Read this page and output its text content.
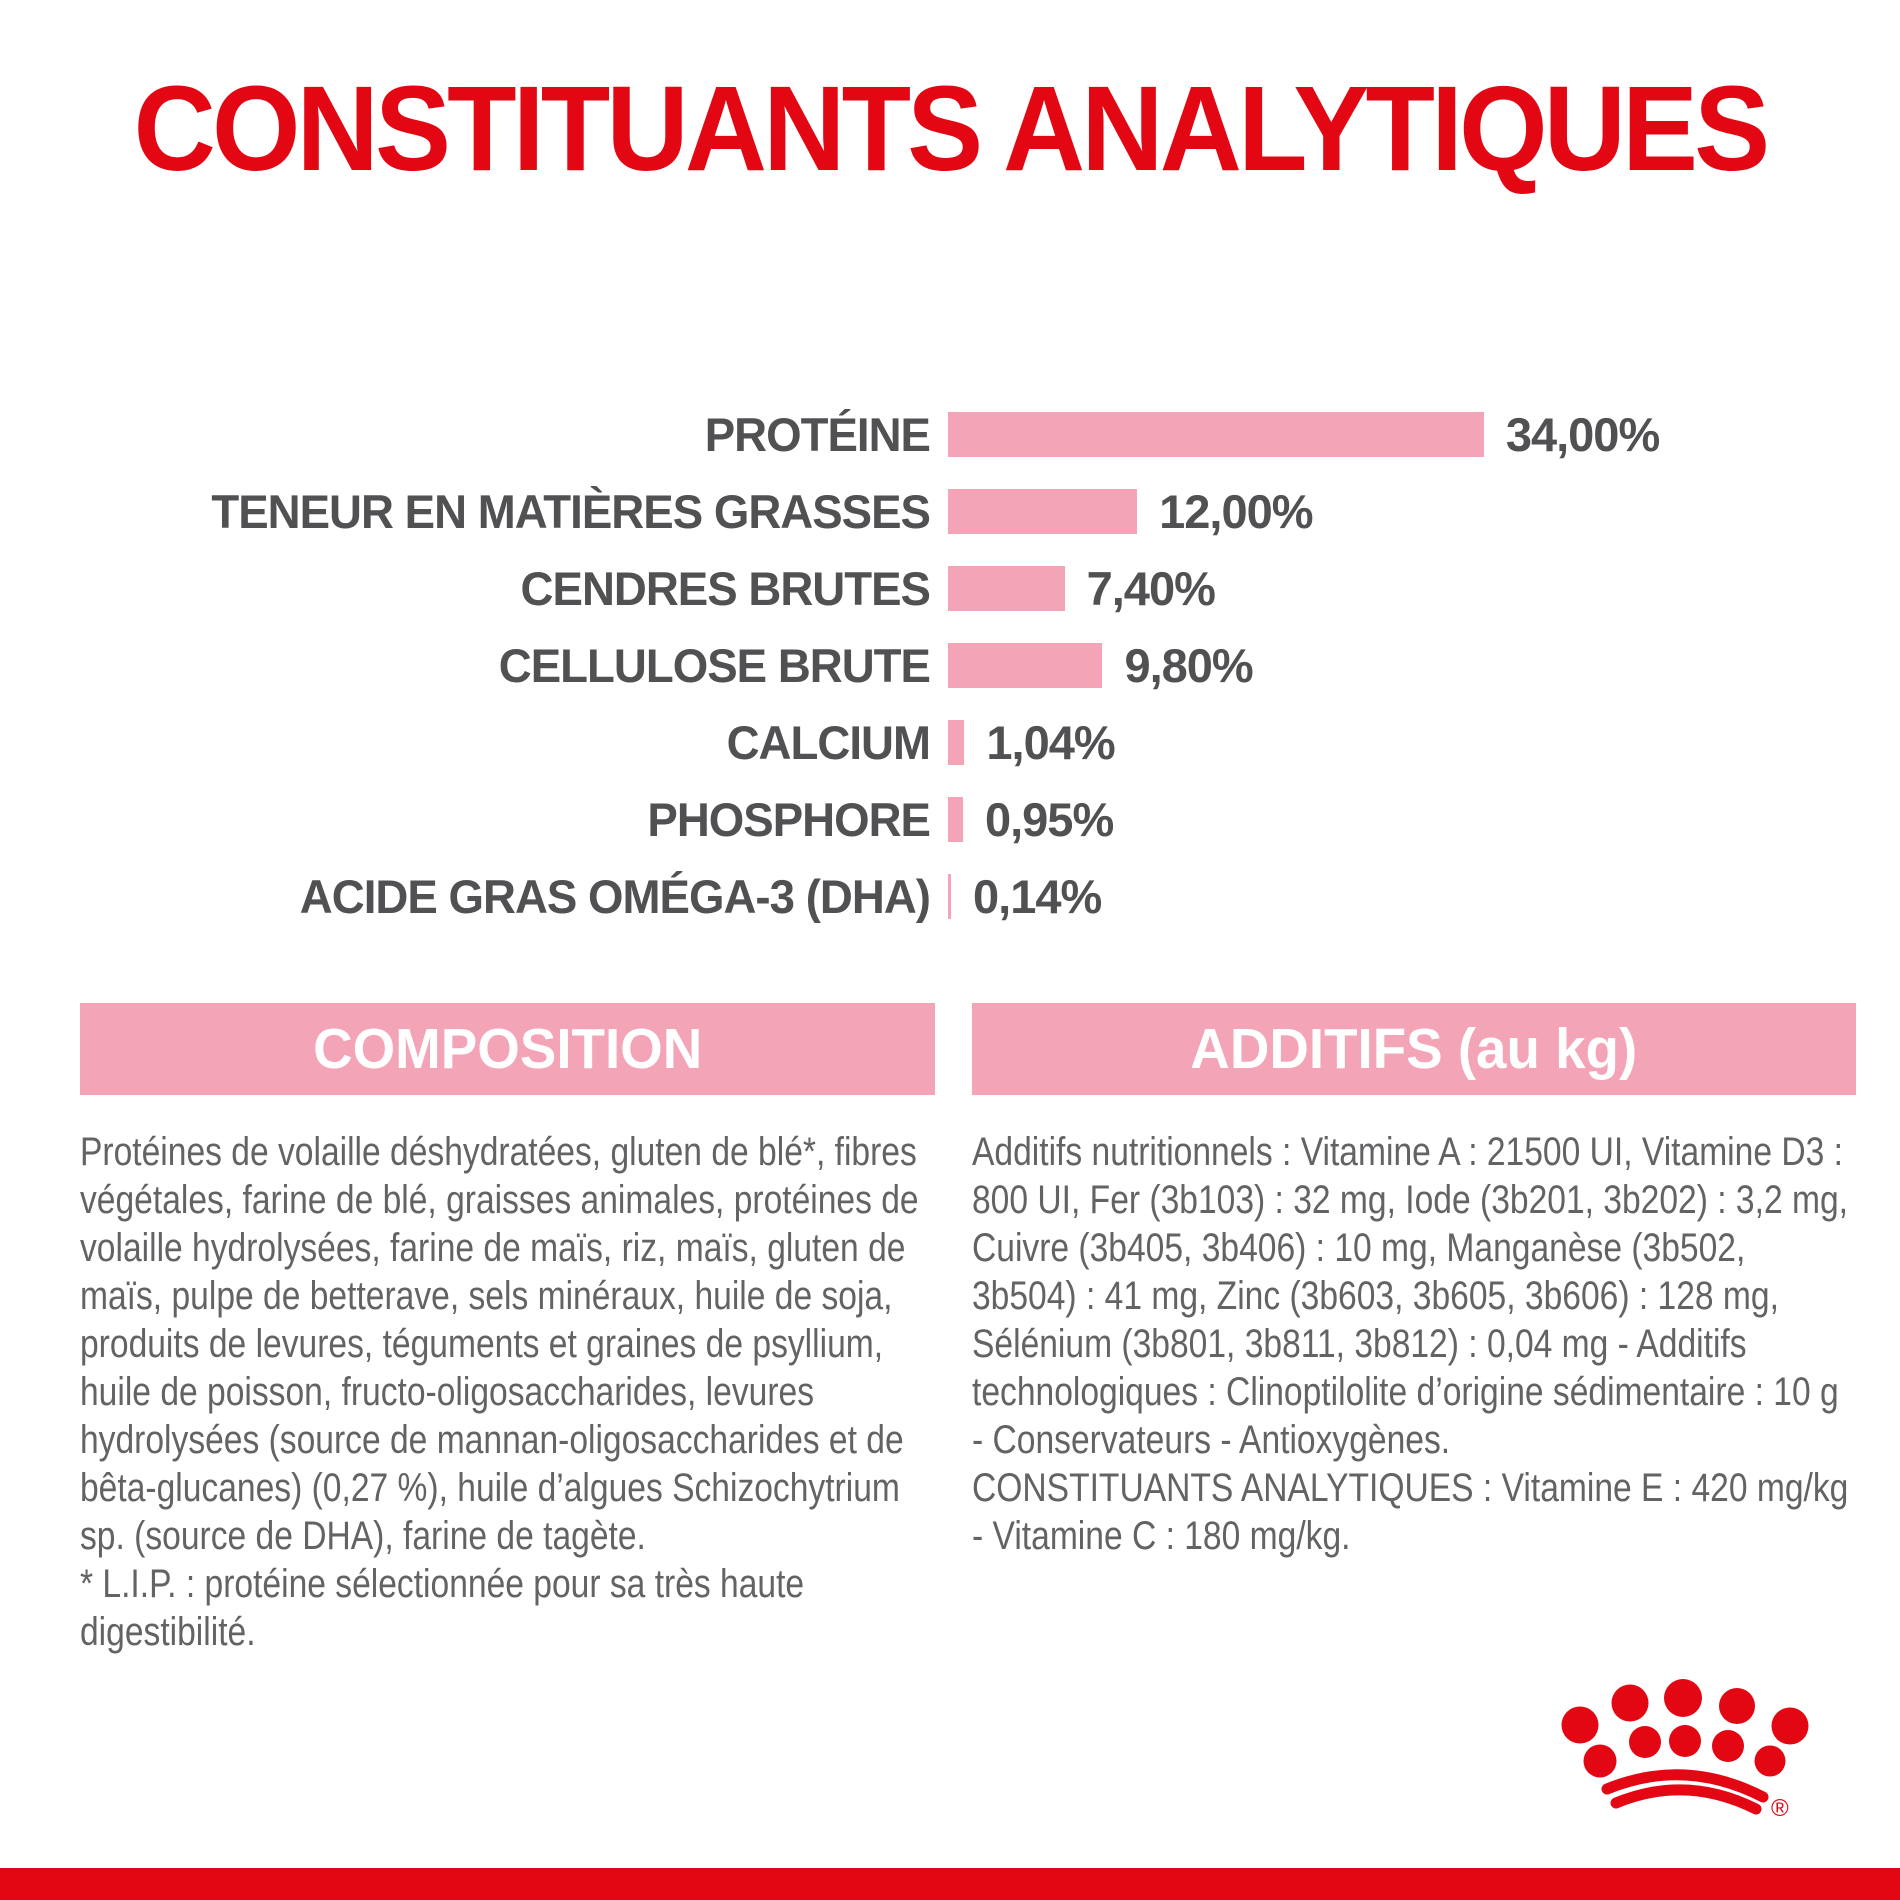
CONSTITUANTS ANALYTIQUES
PROTÉINE	34,00%
TENEUR EN MATIÈRES GRASSES	12,00%
CENDRES BRUTES	7,40%
CELLULOSE BRUTE	9,80%
CALCIUM 1,04%
PHOSPHORE 0,95%
ACIDE GRAS OMÉGA-3 (DHA) 0,14%
COMPOSITION	ADDITIFS (au kg)

Protéines de volaille déshydratées, gluten de blé*, fibres végétales, farine de blé, graisses animales, protéines de volaille hydrolysées, farine de maïs, riz, maïs, gluten de maïs, pulpe de betterave, sels minéraux, huile de soja, produits de levures, téguments et graines de psyllium, huile de poisson, fructo-oligosaccharides, levures hydrolysées (source de mannan-oligosaccharides et de bêta-glucanes) (0,27 %), huile d’algues Schizochytrium sp. (source de DHA), farine de tagète.

* L.I.P. : protéine sélectionnée pour sa très haute digestibilité.

Additifs nutritionnels : Vitamine A : 21500 UI, Vitamine D3 : 800 UI, Fer (3b103) : 32 mg, Iode (3b201, 3b202) : 3,2 mg, Cuivre (3b405, 3b406) : 10 mg, Manganèse (3b502, 3b504) : 41 mg, Zinc (3b603, 3b605, 3b606) : 128 mg, Sélénium (3b801, 3b811, 3b812) : 0,04 mg - Additifs technologiques : Clinoptilolite d’origine sédimentaire : 10 g - Conservateurs - Antioxygènes.

CONSTITUANTS ANALYTIQUES : Vitamine E : 420 mg/kg - Vitamine C : 180 mg/kg.

®
